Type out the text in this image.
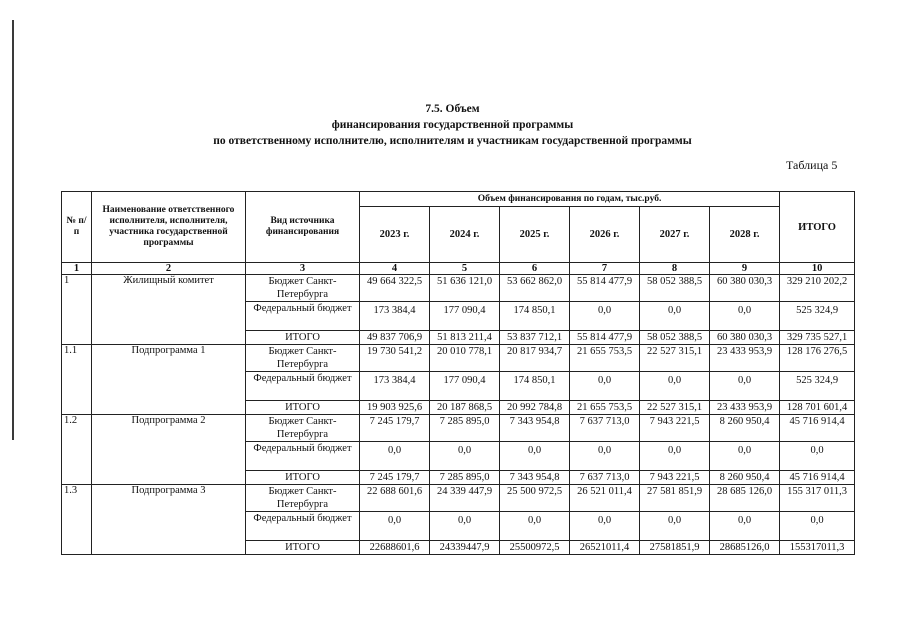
7.5. Объем
финансирования государственной программы
по ответственному исполнителю, исполнителям и участникам государственной программы
Таблица 5
№ п/п	Наименование ответственного исполнителя, исполнителя, участника государственной программы	Вид источника финансирования	Объем финансирования по годам, тыс.руб.						ИТОГО
			2023 г.	2024 г.	2025 г.	2026 г.	2027 г.	2028 г.	
1	2	3	4	5	6	7	8	9	10
1	Жилищный комитет	Бюджет Санкт-Петербурга	49 664 322,5	51 636 121,0	53 662 862,0	55 814 477,9	58 052 388,5	60 380 030,3	329 210 202,2
		Федеральный бюджет	173 384,4	177 090,4	174 850,1	0,0	0,0	0,0	525 324,9
		ИТОГО	49 837 706,9	51 813 211,4	53 837 712,1	55 814 477,9	58 052 388,5	60 380 030,3	329 735 527,1
1.1	Подпрограмма 1	Бюджет Санкт-Петербурга	19 730 541,2	20 010 778,1	20 817 934,7	21 655 753,5	22 527 315,1	23 433 953,9	128 176 276,5
		Федеральный бюджет	173 384,4	177 090,4	174 850,1	0,0	0,0	0,0	525 324,9
		ИТОГО	19 903 925,6	20 187 868,5	20 992 784,8	21 655 753,5	22 527 315,1	23 433 953,9	128 701 601,4
1.2	Подпрограмма 2	Бюджет Санкт-Петербурга	7 245 179,7	7 285 895,0	7 343 954,8	7 637 713,0	7 943 221,5	8 260 950,4	45 716 914,4
		Федеральный бюджет	0,0	0,0	0,0	0,0	0,0	0,0	0,0
		ИТОГО	7 245 179,7	7 285 895,0	7 343 954,8	7 637 713,0	7 943 221,5	8 260 950,4	45 716 914,4
1.3	Подпрограмма 3	Бюджет Санкт-Петербурга	22 688 601,6	24 339 447,9	25 500 972,5	26 521 011,4	27 581 851,9	28 685 126,0	155 317 011,3
		Федеральный бюджет	0,0	0,0	0,0	0,0	0,0	0,0	0,0
		ИТОГО	22688601,6	24339447,9	25500972,5	26521011,4	27581851,9	28685126,0	155317011,3
